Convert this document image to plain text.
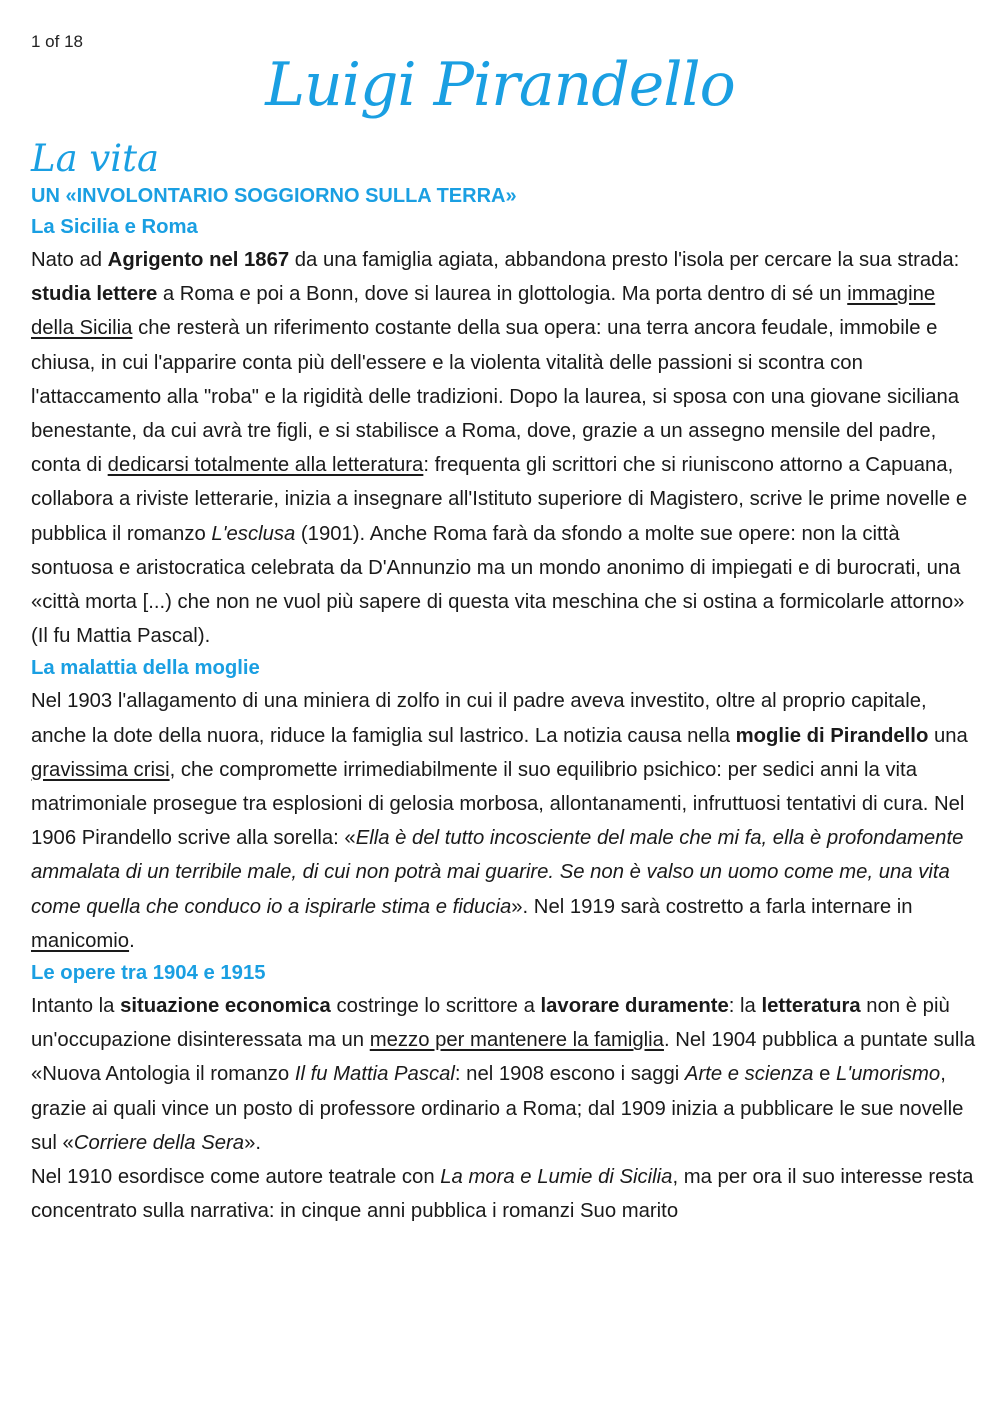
1 of 18
Luigi Pirandello
La vita
UN «INVOLONTARIO SOGGIORNO SULLA TERRA»
La Sicilia e Roma

Nato ad Agrigento nel 1867 da una famiglia agiata, abbandona presto l'isola per cercare la sua strada: studia lettere a Roma e poi a Bonn, dove si laurea in glottologia. Ma porta dentro di sé un immagine della Sicilia che resterà un riferimento costante della sua opera: una terra ancora feudale, immobile e chiusa, in cui l'apparire conta più dell'essere e la violenta vitalità delle passioni si scontra con l'attaccamento alla "roba" e la rigidità delle tradizioni. Dopo la laurea, si sposa con una giovane siciliana benestante, da cui avrà tre figli, e si stabilisce a Roma, dove, grazie a un assegno mensile del padre, conta di dedicarsi totalmente alla letteratura: frequenta gli scrittori che si riuniscono attorno a Capuana, collabora a riviste letterarie, inizia a insegnare all'Istituto superiore di Magistero, scrive le prime novelle e pubblica il romanzo L'esclusa (1901). Anche Roma farà da sfondo a molte sue opere: non la città sontuosa e aristocratica celebrata da D'Annunzio ma un mondo anonimo di impiegati e di burocrati, una «città morta [...) che non ne vuol più sapere di questa vita meschina che si ostina a formicolarle attorno» (Il fu Mattia Pascal).

La malattia della moglie

Nel 1903 l'allagamento di una miniera di zolfo in cui il padre aveva investito, oltre al proprio capitale, anche la dote della nuora, riduce la famiglia sul lastrico. La notizia causa nella moglie di Pirandello una gravissima crisi, che compromette irrimediabilmente il suo equilibrio psichico: per sedici anni la vita matrimoniale prosegue tra esplosioni di gelosia morbosa, allontanamenti, infruttuosi tentativi di cura. Nel 1906 Pirandello scrive alla sorella: «Ella è del tutto incosciente del male che mi fa, ella è profondamente ammalata di un terribile male, di cui non potrà mai guarire. Se non è valso un uomo come me, una vita come quella che conduco io a ispirarle stima e fiducia». Nel 1919 sarà costretto a farla internare in manicomio.

Le opere tra 1904 e 1915

Intanto la situazione economica costringe lo scrittore a lavorare duramente: la letteratura non è più un'occupazione disinteressata ma un mezzo per mantenere la famiglia. Nel 1904 pubblica a puntate sulla «Nuova Antologia il romanzo Il fu Mattia Pascal: nel 1908 escono i saggi Arte e scienza e L'umorismo, grazie ai quali vince un posto di professore ordinario a Roma; dal 1909 inizia a pubblicare le sue novelle sul «Corriere della Sera».

Nel 1910 esordisce come autore teatrale con La mora e Lumie di Sicilia, ma per ora il suo interesse resta concentrato sulla narrativa: in cinque anni pubblica i romanzi Suo marito
